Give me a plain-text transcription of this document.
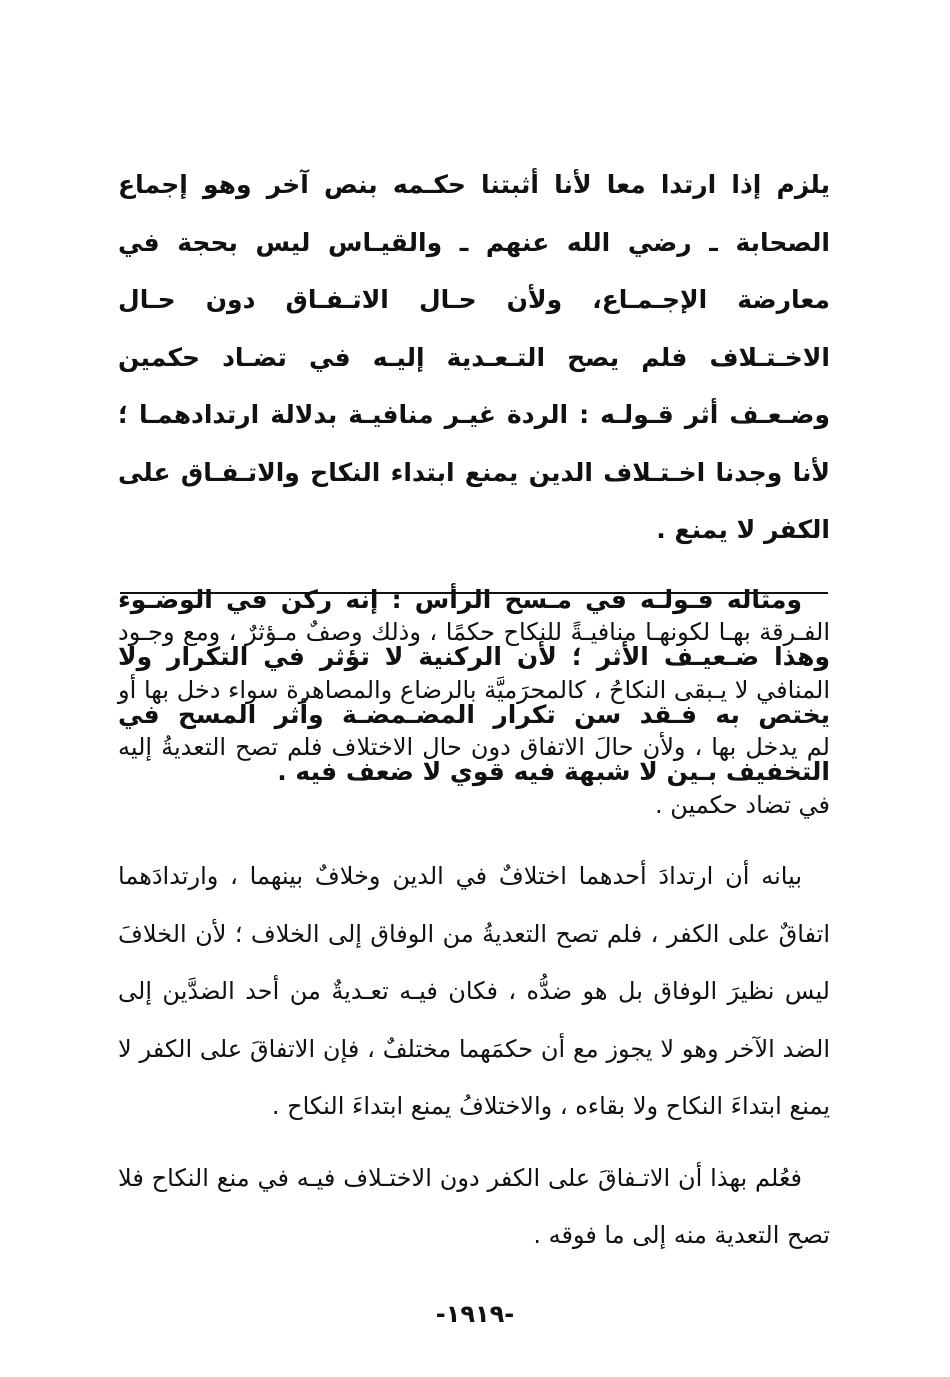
يلزم إذا ارتدا معا لأنا أثبتنا حكـمه بنص آخر وهو إجماع الصحابة ـ رضي الله عنهم ـ والقيـاس ليس بحجة في معارضة الإجـمـاع، ولأن حـال الاتـفـاق دون حـال الاخـتـلاف فلم يصح التـعـدية إليـه في تضـاد حكمين وضـعـف أثر قـولـه : الردة غيـر منافيـة بدلالة ارتدادهمـا ؛ لأنا وجدنا اخـتـلاف الدين يمنع ابتداء النكاح والاتـفـاق على الكفر لا يمنع .

ومثاله قـولـه في مـسح الرأس : إنه ركن في الوضـوء وهذا ضـعيـف الأثر ؛ لأن الركنية لا تؤثر في التكرار ولا يختص به فـقد سن تكرار المضـمضـة وأثر المسح في التخفيف بـين لا شبهة فيه قوي لا ضعف فيه .

الفـرقة بهـا لكونهـا منافيـةً للنكاح حكمًا ، وذلك وصفٌ مـؤثرٌ ، ومع وجـود المنافي لا يـبقى النكاحُ ، كالمحرَميَّة بالرضاع والمصاهرة سواء دخل بها أو لم يدخل بها ، ولأن حالَ الاتفاق دون حال الاختلاف فلم تصح التعديةُ إليه في تضاد حكمين .

بيانه أن ارتدادَ أحدهما اختلافٌ في الدين وخلافٌ بينهما ، وارتدادَهما اتفاقٌ على الكفر ، فلم تصح التعديةُ من الوفاق إلى الخلاف ؛ لأن الخلافَ ليس نظيرَ الوفاق بل هو ضدُّه ، فكان فيـه تعـديةٌ من أحد الضدَّين إلى الضد الآخر وهو لا يجوز مع أن حكمَهما مختلفٌ ، فإن الاتفاقَ على الكفر لا يمنع ابتداءَ النكاح ولا بقاءه ، والاختلافُ يمنع ابتداءَ النكاح .

فعُلم بهذا أن الاتـفاقَ على الكفر دون الاختـلاف فيـه في منع النكاح فلا تصح التعدية منه إلى ما فوقه .

-١٩١٩-
